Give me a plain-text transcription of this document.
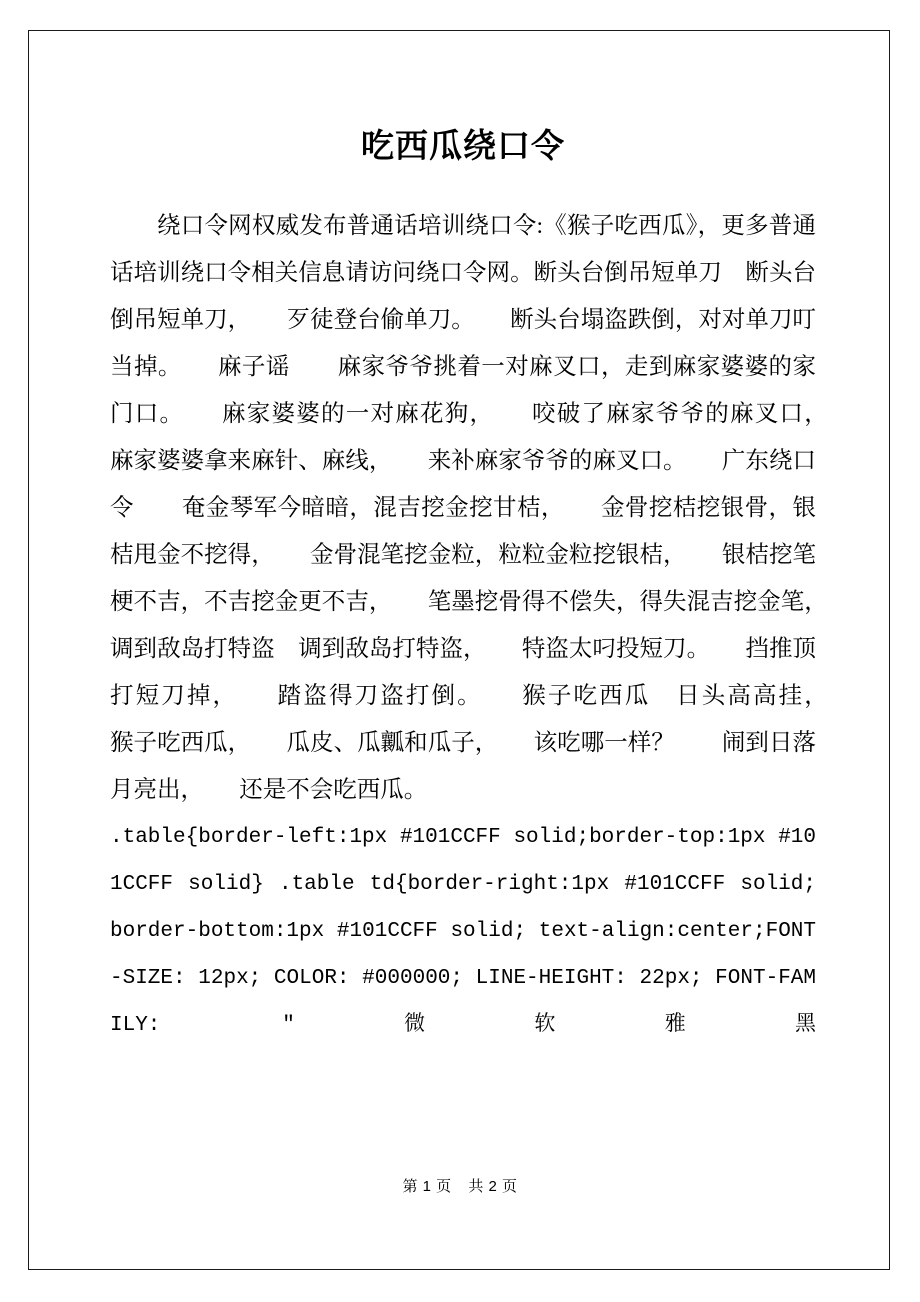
吃西瓜绕口令

绕口令网权威发布普通话培训绕口令:《猴子吃西瓜》，更多普通话培训绕口令相关信息请访问绕口令网。断头台倒吊短单刀　断头台倒吊短单刀，　　歹徒登台偷单刀。　　断头台塌盗跌倒，对对单刀叮当掉。　　麻子谣　　麻家爷爷挑着一对麻叉口，走到麻家婆婆的家门口。　　麻家婆婆的一对麻花狗，　　咬破了麻家爷爷的麻叉口，　　　麻家婆婆拿来麻针、麻线，　　来补麻家爷爷的麻叉口。　　广东绕口令　　奄金琴军今暗暗，混吉挖金挖甘桔，　　金骨挖桔挖银骨，银桔甩金不挖得，　　金骨混笔挖金粒，粒粒金粒挖银桔，　　银桔挖笔梗不吉，不吉挖金更不吉，　　笔墨挖骨得不偿失，得失混吉挖金笔，　　调到敌岛打特盗　调到敌岛打特盗，　　特盗太叼投短刀。　　挡推顶打短刀掉，　　踏盗得刀盗打倒。　　猴子吃西瓜　日头高高挂，　　猴子吃西瓜，　　瓜皮、瓜瓤和瓜子，　　该吃哪一样？　　闹到日落月亮出，　　还是不会吃西瓜。

.table{border-left:1px #101CCFF solid;border-top:1px #101CCFF solid} .table td{border-right:1px #101CCFF solid; border-bottom:1px #101CCFF solid; text-align:center;FONT-SIZE: 12px; COLOR: #000000; LINE-HEIGHT: 22px; FONT-FAMILY: "微软雅黑

第 1 页 共 2 页
